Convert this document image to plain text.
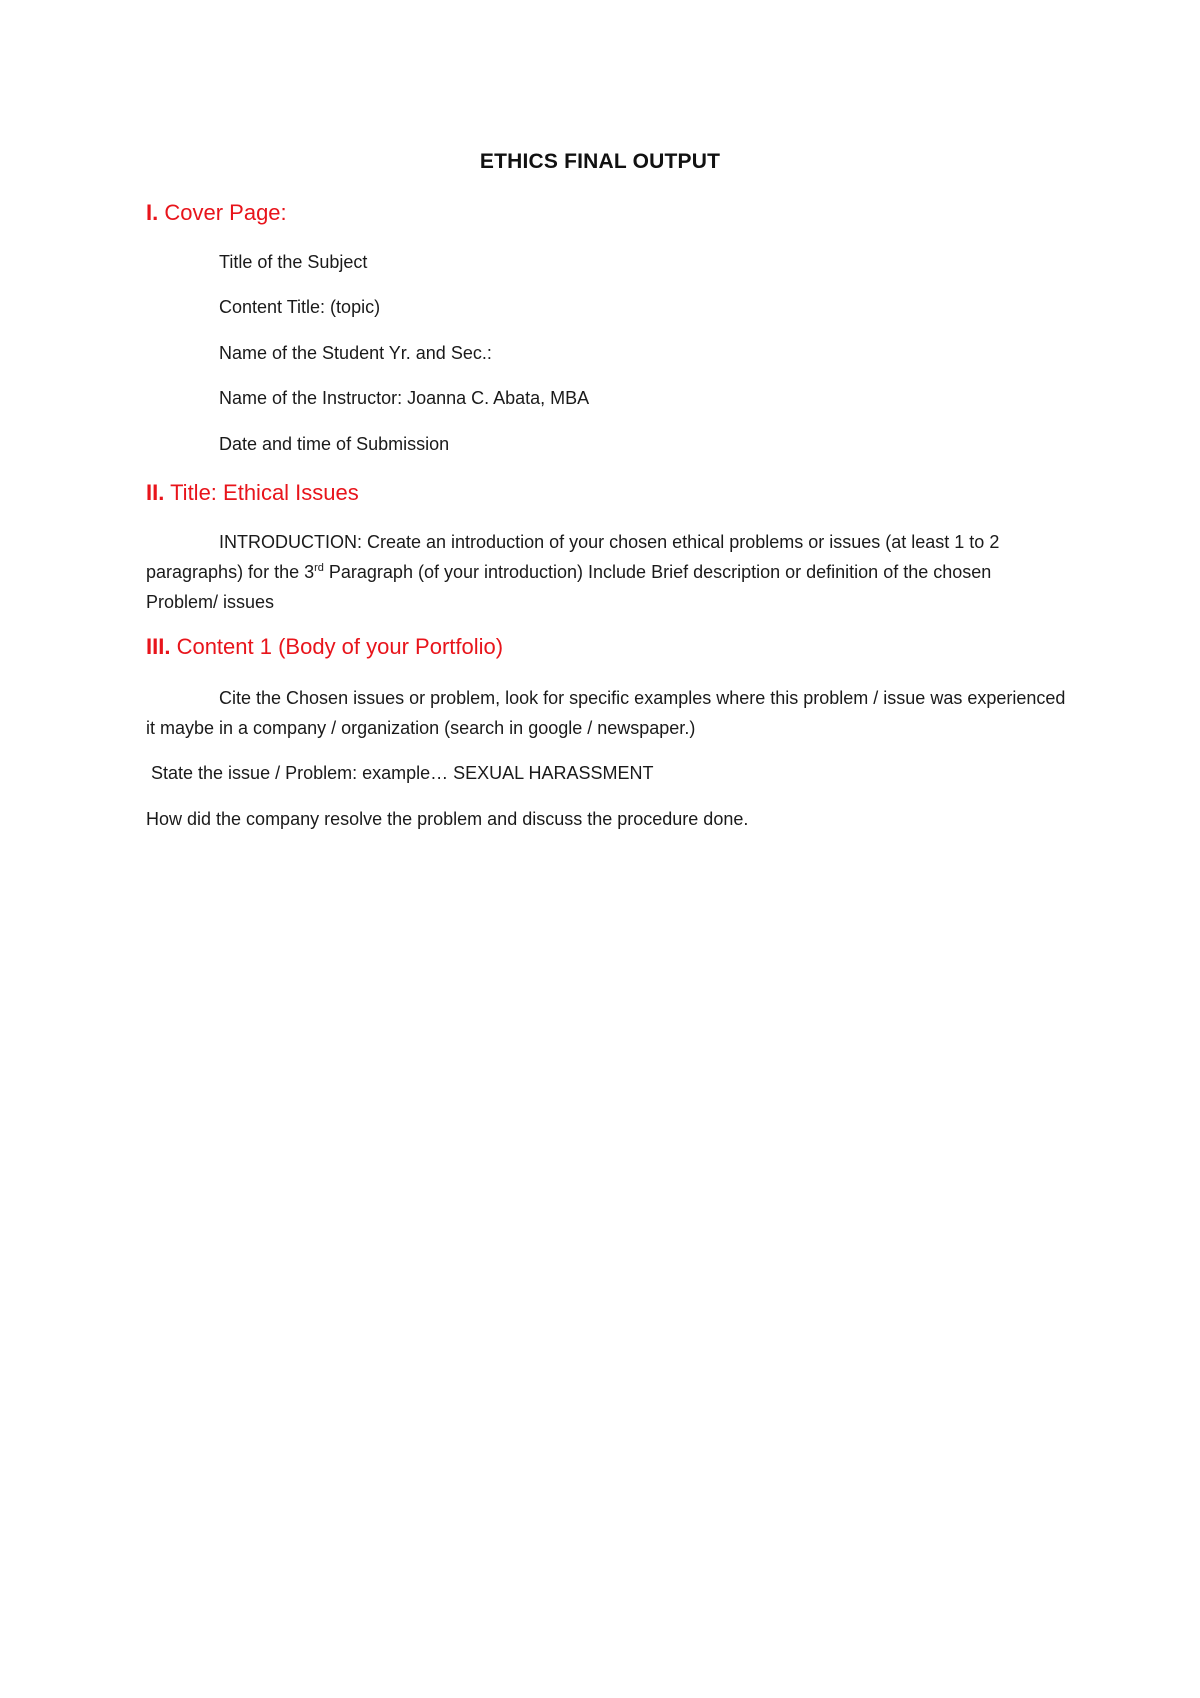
ETHICS FINAL OUTPUT
I. Cover Page:
Title of the Subject
Content Title: (topic)
Name of the Student Yr. and Sec.:
Name of the Instructor: Joanna C. Abata, MBA
Date and time of Submission
II. Title: Ethical Issues
INTRODUCTION: Create an introduction of your chosen ethical problems or issues (at least 1 to 2 paragraphs) for the 3rd Paragraph (of your introduction) Include Brief description or definition of the chosen Problem/ issues
III. Content 1 (Body of your Portfolio)
Cite the Chosen issues or problem, look for specific examples where this problem / issue was experienced it maybe in a company / organization (search in google / newspaper.)
State the issue / Problem: example… SEXUAL HARASSMENT
How did the company resolve the problem and discuss the procedure done.
